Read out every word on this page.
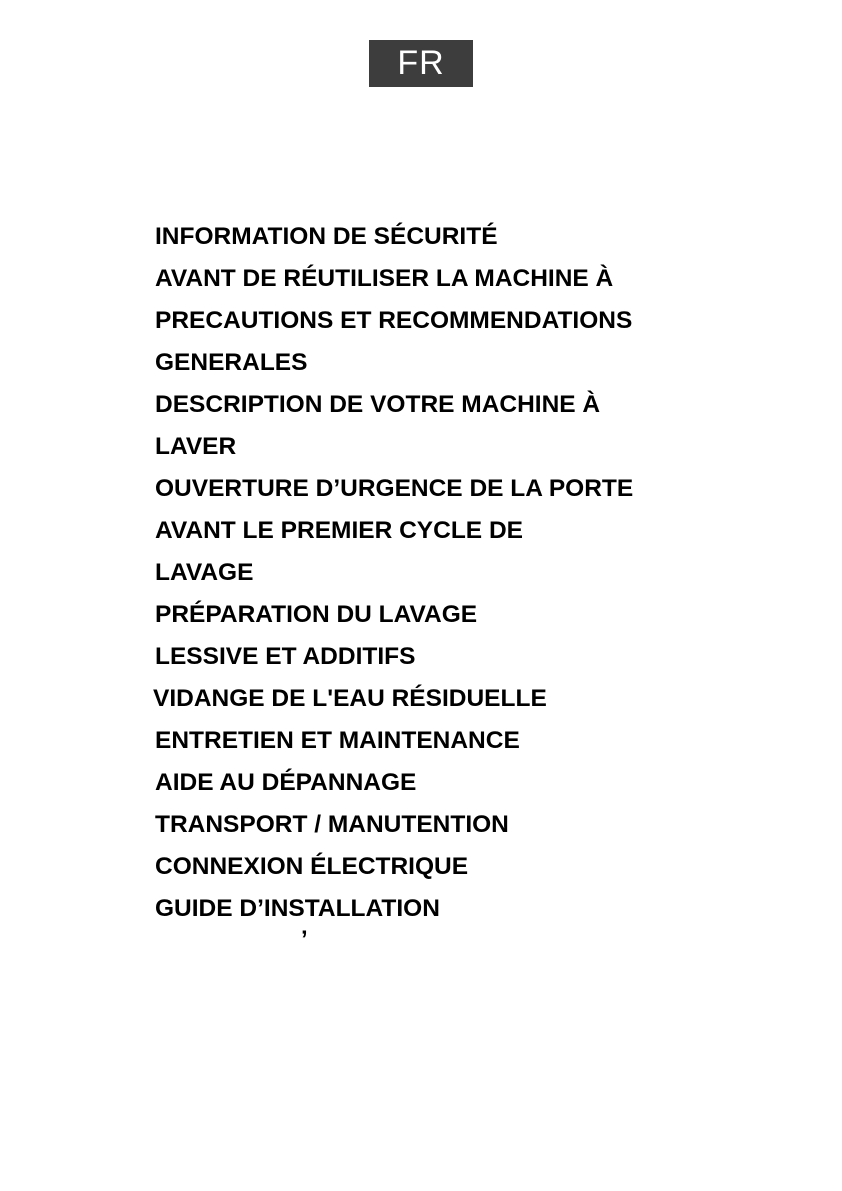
FR
INFORMATION DE SÉCURITÉ
AVANT DE RÉUTILISER LA MACHINE À
PRECAUTIONS ET RECOMMENDATIONS
GENERALES
DESCRIPTION DE VOTRE MACHINE À
LAVER
OUVERTURE D’URGENCE DE LA PORTE
AVANT LE PREMIER CYCLE DE
LAVAGE
PRÉPARATION DU LAVAGE
LESSIVE ET ADDITIFS
VIDANGE DE L'EAU RÉSIDUELLE
ENTRETIEN ET MAINTENANCE
AIDE AU DÉPANNAGE
TRANSPORT / MANUTENTION
CONNEXION ÉLECTRIQUE
GUIDE D’INSTALLATION
’
